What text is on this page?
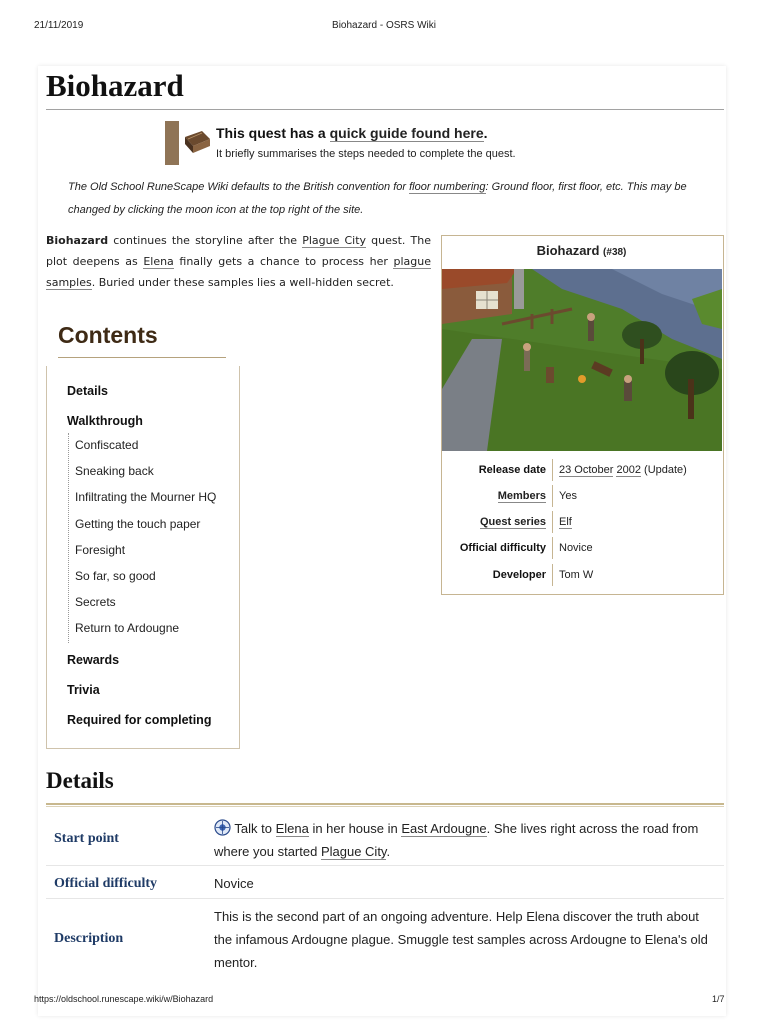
21/11/2019	Biohazard - OSRS Wiki
Biohazard
This quest has a quick guide found here.
It briefly summarises the steps needed to complete the quest.
The Old School RuneScape Wiki defaults to the British convention for floor numbering: Ground floor, first floor, etc. This may be changed by clicking the moon icon at the top right of the site.
Biohazard continues the storyline after the Plague City quest. The plot deepens as Elena finally gets a chance to process her plague samples. Buried under these samples lies a well-hidden secret.
Contents
Details
Walkthrough
Confiscated
Sneaking back
Infiltrating the Mourner HQ
Getting the touch paper
Foresight
So far, so good
Secrets
Return to Ardougne
Rewards
Trivia
Required for completing
Biohazard (#38)
Release date 23 October 2002 (Update)
Members Yes
Quest series Elf
Official difficulty Novice
Developer Tom W
Details
Start point
Talk to Elena in her house in East Ardougne. She lives right across the road from where you started Plague City.
Official difficulty	Novice
Description
This is the second part of an ongoing adventure. Help Elena discover the truth about the infamous Ardougne plague. Smuggle test samples across Ardougne to Elena's old mentor.
https://oldschool.runescape.wiki/w/Biohazard	1/7
